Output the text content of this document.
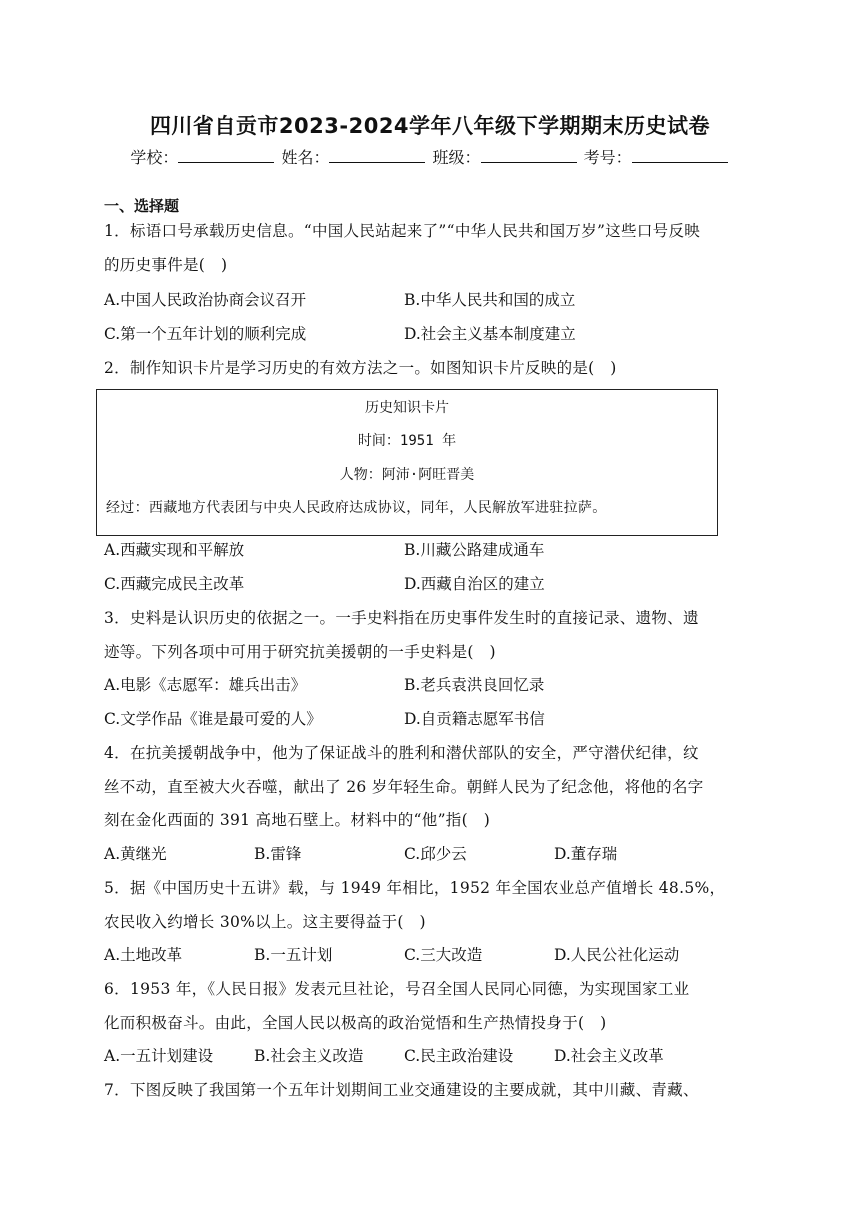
四川省自贡市2023-2024学年八年级下学期期末历史试卷
学校：	姓名：	班级：	考号：
一、选择题
1．标语口号承载历史信息。“中国人民站起来了”“中华人民共和国万岁”这些口号反映
的历史事件是(　)
A.中国人民政治协商会议召开	B.中华人民共和国的成立
C.第一个五年计划的顺利完成	D.社会主义基本制度建立
2．制作知识卡片是学习历史的有效方法之一。如图知识卡片反映的是(　)
历史知识卡片
时间：1951 年
人物：阿沛·阿旺晋美
经过：西藏地方代表团与中央人民政府达成协议，同年，人民解放军进驻拉萨。
A.西藏实现和平解放	B.川藏公路建成通车
C.西藏完成民主改革	D.西藏自治区的建立
3．史料是认识历史的依据之一。一手史料指在历史事件发生时的直接记录、遗物、遗
迹等。下列各项中可用于研究抗美援朝的一手史料是(　)
A.电影《志愿军：雄兵出击》	B.老兵袁洪良回忆录
C.文学作品《谁是最可爱的人》	D.自贡籍志愿军书信
4．在抗美援朝战争中，他为了保证战斗的胜利和潜伏部队的安全，严守潜伏纪律，纹
丝不动，直至被大火吞噬，献出了 26 岁年轻生命。朝鲜人民为了纪念他，将他的名字
刻在金化西面的 391 高地石壁上。材料中的“他”指(　)
A.黄继光	B.雷锋	C.邱少云	D.董存瑞
5．据《中国历史十五讲》载，与 1949 年相比，1952 年全国农业总产值增长 48.5%，
农民收入约增长 30%以上。这主要得益于(　)
A.土地改革	B.一五计划	C.三大改造	D.人民公社化运动
6．1953 年，《人民日报》发表元旦社论，号召全国人民同心同德，为实现国家工业
化而积极奋斗。由此，全国人民以极高的政治觉悟和生产热情投身于(　)
A.一五计划建设	B.社会主义改造	C.民主政治建设	D.社会主义改革
7．下图反映了我国第一个五年计划期间工业交通建设的主要成就，其中川藏、青藏、
